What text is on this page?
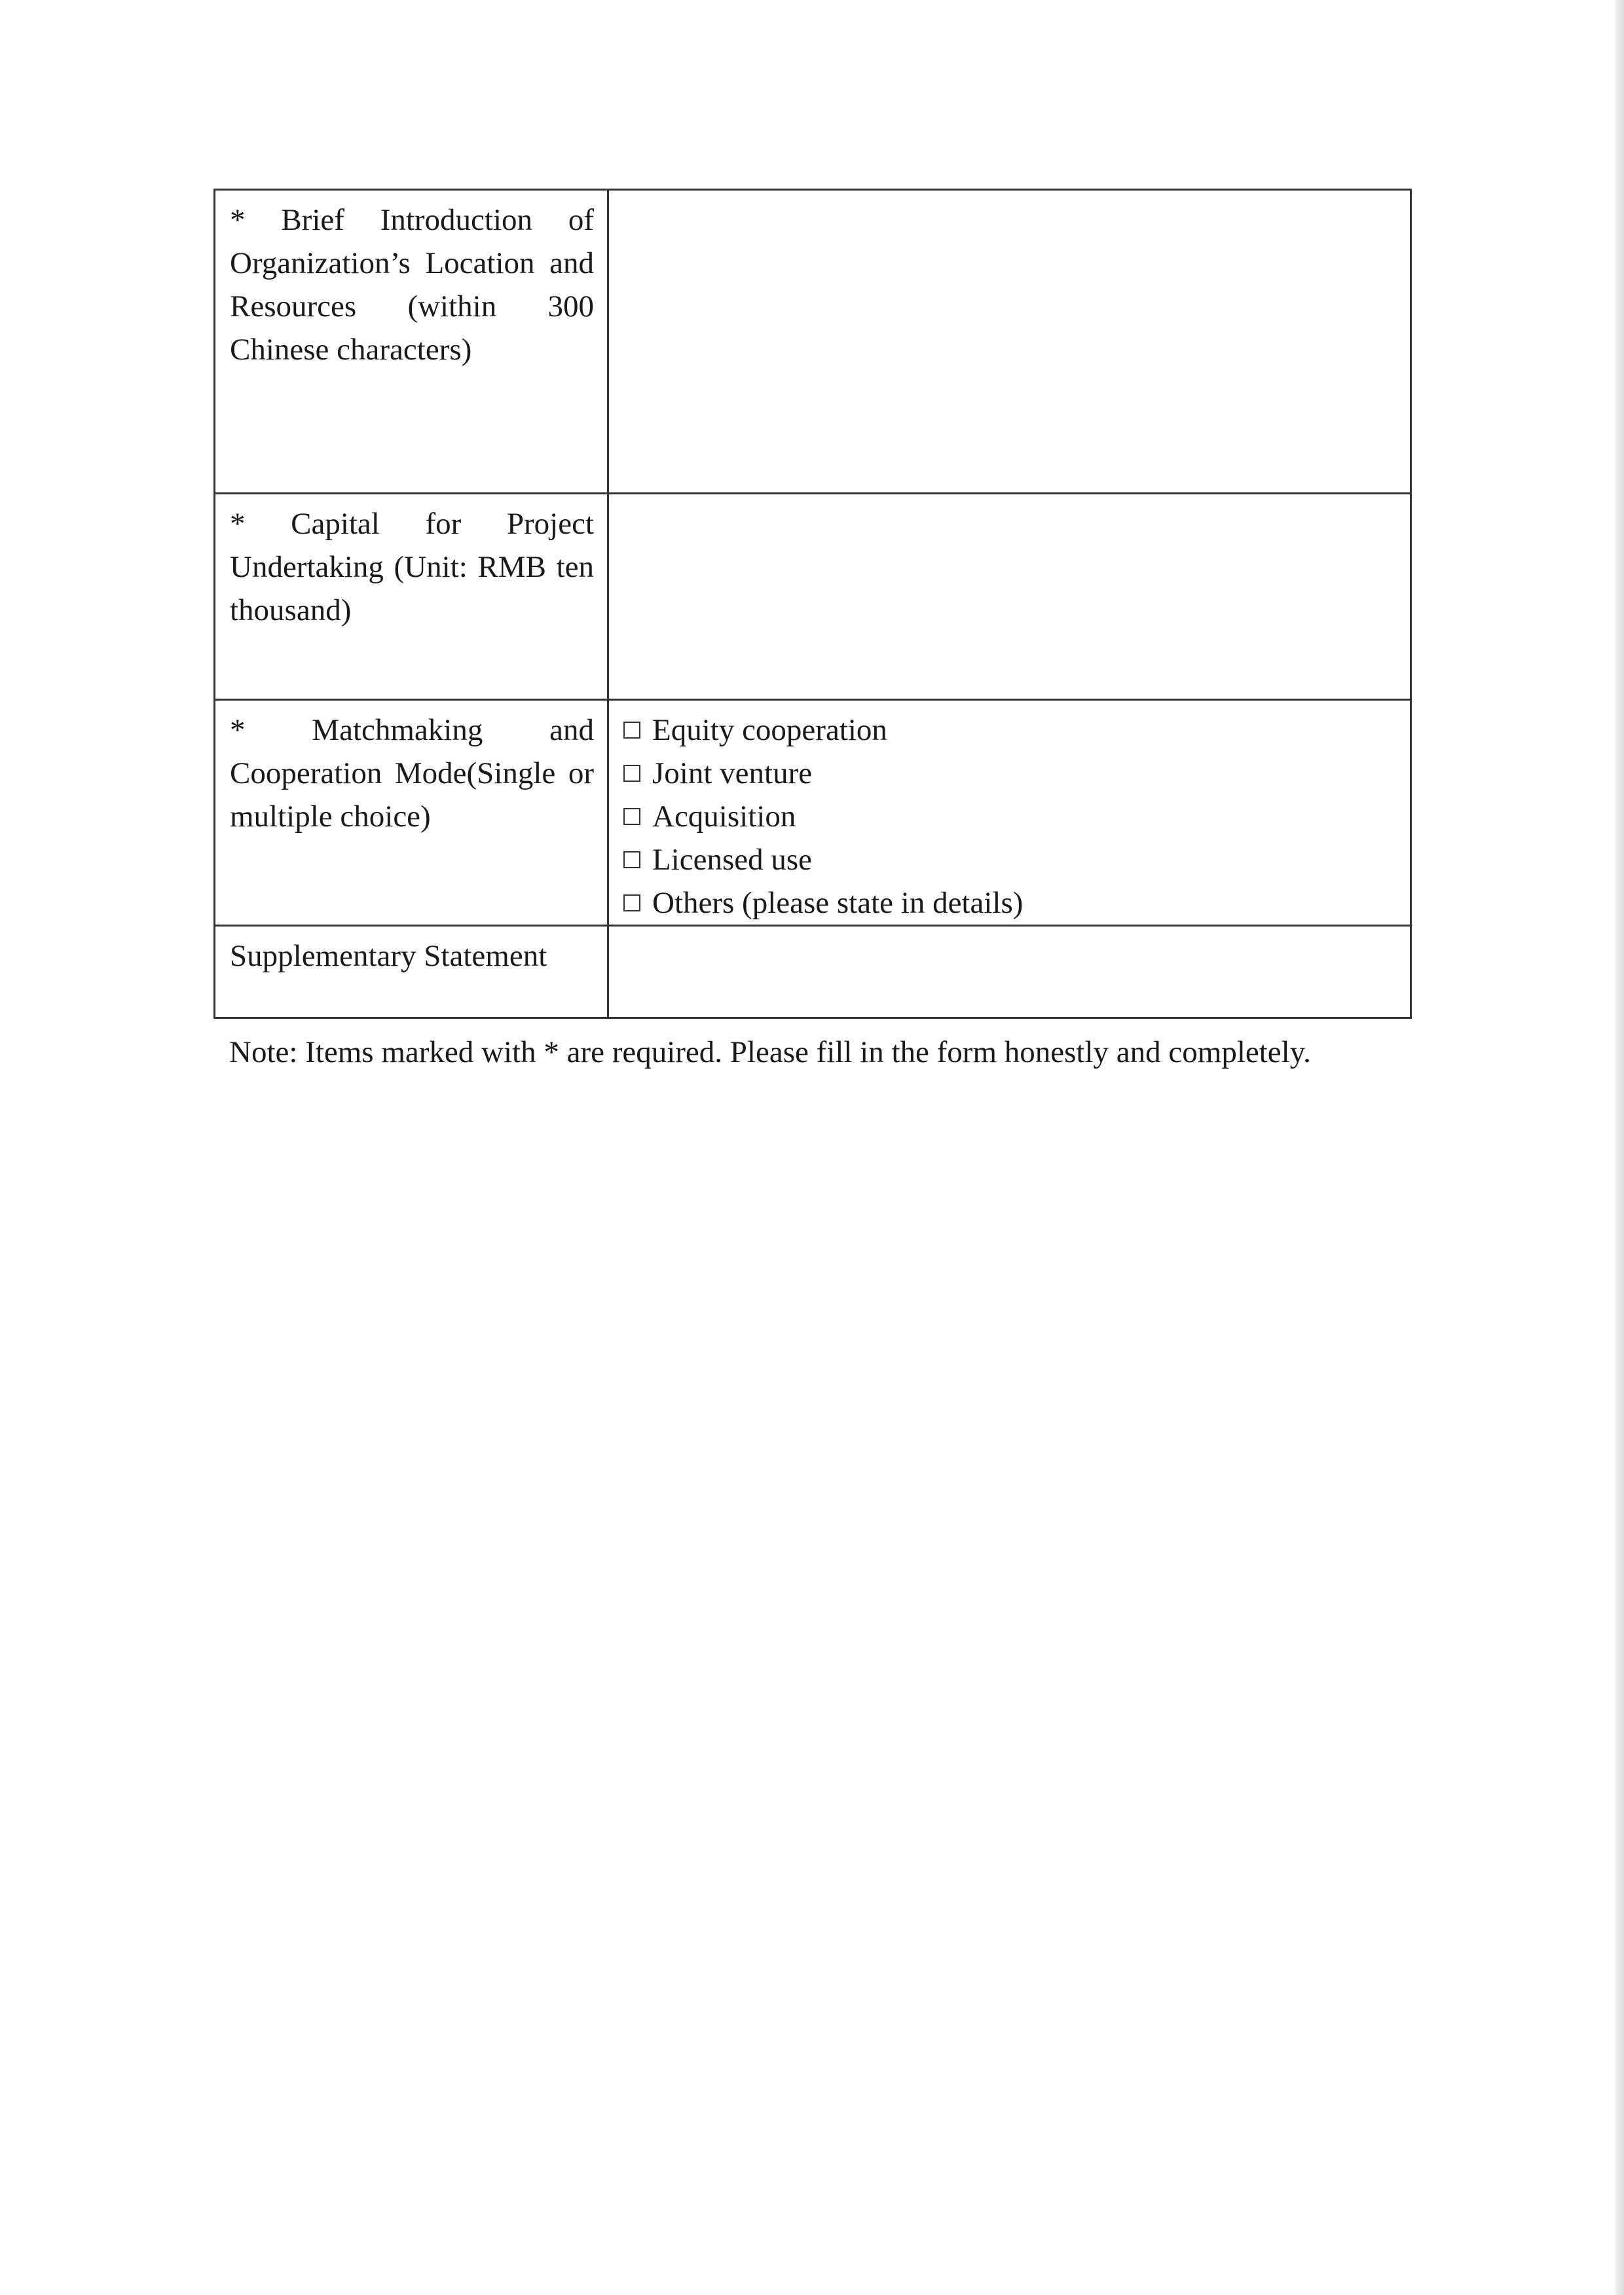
* Brief Introduction of Organization’s Location and Resources (within 300 Chinese characters)	
* Capital for Project Undertaking (Unit: RMB ten thousand)	
* Matchmaking and Cooperation Mode(Single or multiple choice)	Equity cooperation
Joint venture
Acquisition
Licensed use
Others (please state in details)

Supplementary Statement	
Note: Items marked with * are required. Please fill in the form honestly and completely.
